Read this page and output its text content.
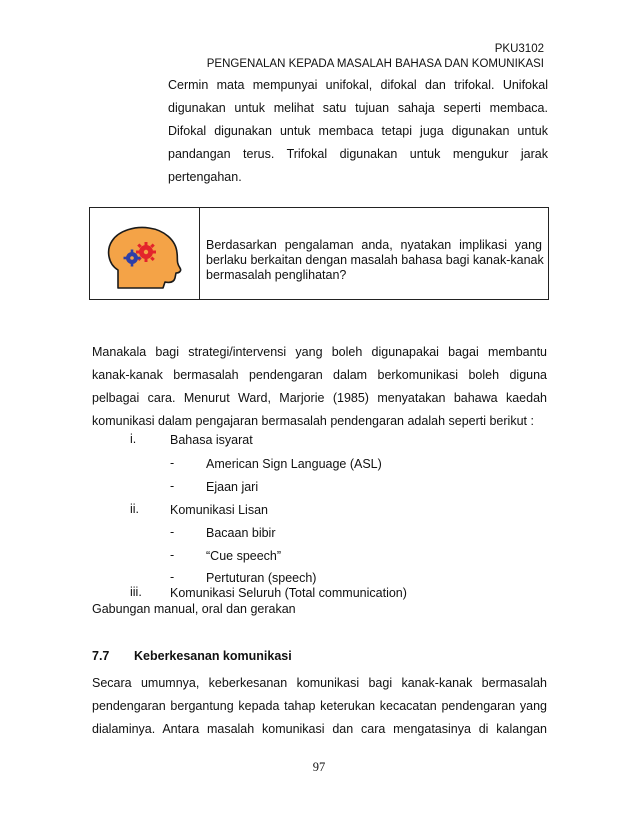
PKU3102
PENGENALAN KEPADA MASALAH BAHASA DAN KOMUNIKASI
Cermin mata mempunyai unifokal, difokal dan trifokal. Unifokal
digunakan untuk melihat satu tujuan sahaja seperti membaca.
Difokal digunakan untuk membaca tetapi juga digunakan untuk
pandangan terus. Trifokal digunakan untuk mengukur jarak
pertengahan.
Berdasarkan pengalaman anda, nyatakan implikasi yang
berlaku berkaitan dengan masalah bahasa bagi kanak-kanak
bermasalah penglihatan?
Manakala bagi strategi/intervensi yang boleh digunapakai bagai membantu
kanak-kanak bermasalah pendengaran dalam berkomunikasi boleh diguna
pelbagai cara. Menurut Ward, Marjorie (1985) menyatakan bahawa kaedah
komunikasi dalam pengajaran bermasalah pendengaran adalah seperti berikut :
i.	Bahasa isyarat
-	American Sign Language (ASL)
-	Ejaan jari
ii. Komunikasi Lisan
-	Bacaan bibir
-	“Cue speech”
-	Pertuturan (speech)
iii. Komunikasi Seluruh (Total communication)
Gabungan manual, oral dan gerakan
7.7 Keberkesanan komunikasi
Secara umumnya, keberkesanan komunikasi bagi kanak-kanak bermasalah
pendengaran bergantung kepada tahap keterukan kecacatan pendengaran yang
dialaminya. Antara masalah komunikasi dan cara mengatasinya di kalangan
97
